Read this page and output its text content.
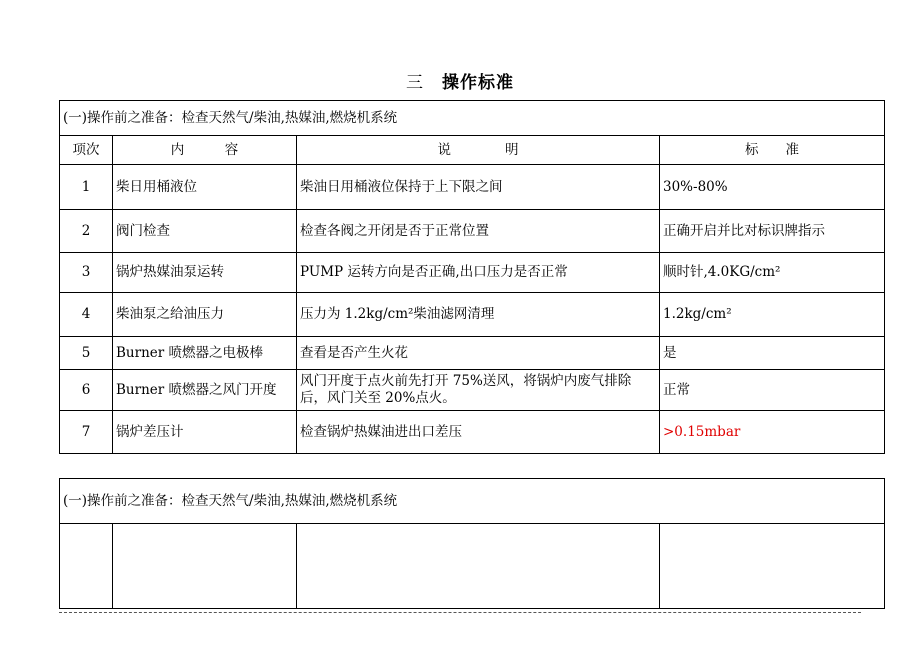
三 操作标准
(一)操作前之准备：检查天然气/柴油,热媒油,燃烧机系统			
项次	内　　　容	说　　　　明	标　　准
1	柴日用桶液位	柴油日用桶液位保持于上下限之间	30%-80%
2	阀门检查	检查各阀之开闭是否于正常位置	正确开启并比对标识牌指示
3	锅炉热媒油泵运转	PUMP 运转方向是否正确,出口压力是否正常	顺时针,4.0KG/cm²
4	柴油泵之给油压力	压力为 1.2kg/cm²柴油滤网清理	1.2kg/cm²
5	Burner 喷燃器之电极棒	查看是否产生火花	是
6	Burner 喷燃器之风门开度	风门开度于点火前先打开 75%送风，将锅炉内废气排除后，风门关至 20%点火。	正常
7	锅炉差压计	检查锅炉热媒油进出口差压	>0.15mbar
(一)操作前之准备：检查天然气/柴油,热媒油,燃烧机系统
